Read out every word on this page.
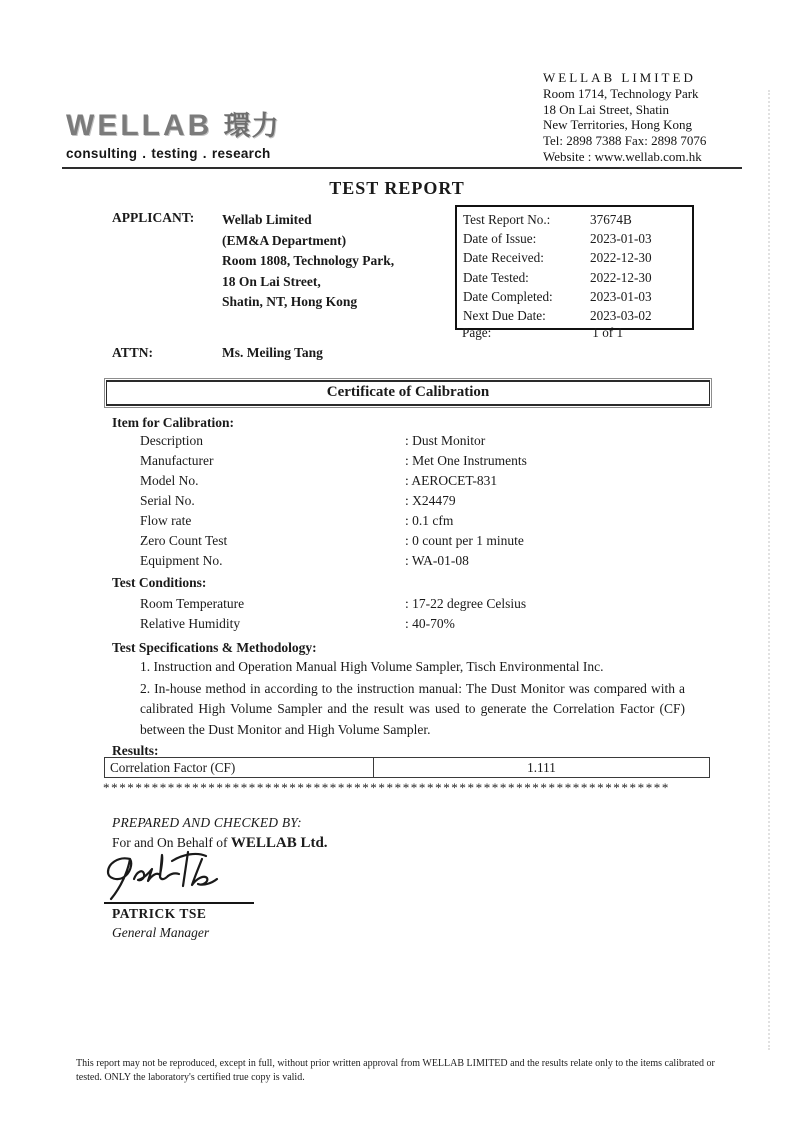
WELLAB 環力
consulting . testing . research
WELLAB LIMITED
Room 1714, Technology Park
18 On Lai Street, Shatin
New Territories, Hong Kong
Tel: 2898 7388 Fax: 2898 7076
Website : www.wellab.com.hk
TEST REPORT
APPLICANT: Wellab Limited
(EM&A Department)
Room 1808, Technology Park,
18 On Lai Street,
Shatin, NT, Hong Kong
Test Report No.:	37674B
Date of Issue:	2023-01-03
Date Received:	2022-12-30
Date Tested:	2022-12-30
Date Completed:	2023-01-03
Next Due Date:	2023-03-02
Page:	1 of 1
ATTN:	Ms. Meiling Tang
Certificate of Calibration
Item for Calibration:
Description	: Dust Monitor
Manufacturer	: Met One Instruments
Model No.	: AEROCET-831
Serial No.	: X24479
Flow rate	: 0.1 cfm
Zero Count Test	: 0 count per 1 minute
Equipment No.	: WA-01-08
Test Conditions:
Room Temperature	: 17-22 degree Celsius
Relative Humidity	: 40-70%
Test Specifications & Methodology:
1. Instruction and Operation Manual High Volume Sampler, Tisch Environmental Inc.
2. In-house method in according to the instruction manual: The Dust Monitor was compared with a calibrated High Volume Sampler and the result was used to generate the Correlation Factor (CF) between the Dust Monitor and High Volume Sampler.
Results:
Correlation Factor (CF)	1.111
**********************************************************************
PREPARED AND CHECKED BY:
For and On Behalf of WELLAB Ltd.
PATRICK TSE
General Manager

This report may not be reproduced, except in full, without prior written approval from WELLAB LIMITED and the results relate only to the items calibrated or tested. ONLY the laboratory's certified true copy is valid.
